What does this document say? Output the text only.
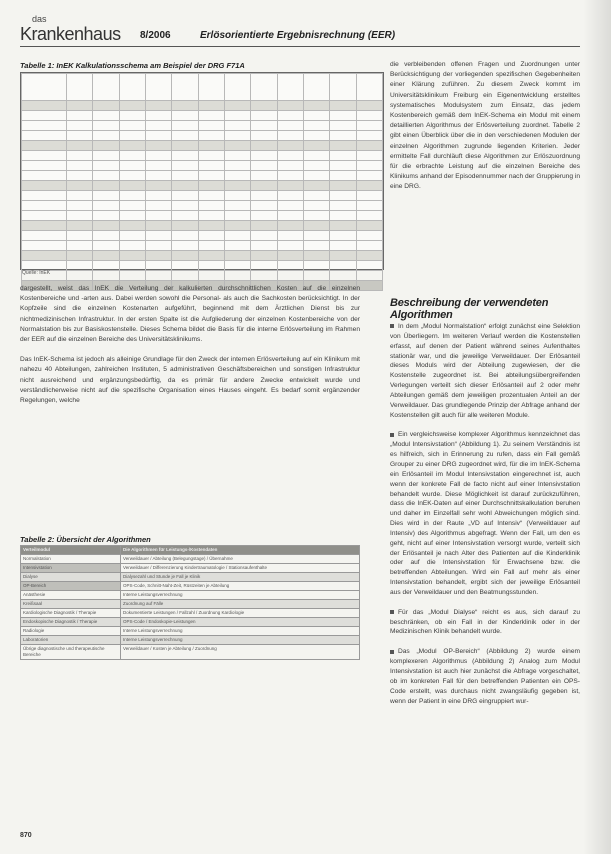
das
Krankenhaus 8/2006	Erlösorientierte Ergebnisrechnung (EER)
Tabelle 1: InEK Kalkulationsschema am Beispiel der DRG F71A

Quelle: InEK

dargestellt, weist das InEK die Verteilung der kalkulierten durchschnittlichen Kosten auf die einzelnen Kostenbereiche und -arten aus. Dabei werden sowohl die Personal- als auch die Sachkosten berücksichtigt. In der Kopfzeile sind die einzelnen Kostenarten aufgeführt, beginnend mit dem Ärztlichen Dienst bis zur nichtmedizinischen Infrastruktur. In der ersten Spalte ist die Aufgliederung der einzelnen Kostenbereiche von der Normalstation bis zur Basiskostenstelle. Dieses Schema bildet die Basis für die interne Erlösverteilung im Rahmen der EER auf die einzelnen Bereiche des Universitätsklinikums.

Das InEK-Schema ist jedoch als alleinige Grundlage für den Zweck der internen Erlösverteilung auf ein Klinikum mit nahezu 40 Abteilungen, zahlreichen Instituten, 5 administrativen Geschäftsbereichen und sonstigen Infrastruktur nicht ausreichend und ergänzungsbedürftig, da es primär für andere Zwecke entwickelt wurde und verständlicherweise nicht auf die spezifische Organisation eines Hauses eingeht. Es bedarf somit ergänzender Regelungen, welche

Tabelle 2: Übersicht der Algorithmen
Verteilmodul	Die Algorithmen für Leistungs-/Kostendaten
Normalstation	Verweildauer / Abteilung (Belegungstage) / Übernahme
Intensivstation	Verweildauer / Differenzierung Kindertraumatologie / Stationsaufenthalte
Dialyse	Dialysezahl und Stunde je Fall je Klinik
OP-Bereich	OPS-Code, Schnitt-Naht-Zeit, Rüstzeiten je Abteilung
Anästhesie	Interne Leistungsverrechnung
Kreißsaal	Zuordnung auf Fälle
Kardiologische Diagnostik / Therapie	Dokumentierte Leistungen / Fallzahl / Zuordnung Kardiologie
Endoskopische Diagnostik / Therapie	OPS-Code / Endoskopie-Leistungen
Radiologie	Interne Leistungsverrechnung
Laboratorien	Interne Leistungsverrechnung
Übrige diagnostische und therapeutische Bereiche	Verweildauer / Kosten je Abteilung / Zuordnung

die verbleibenden offenen Fragen und Zuordnungen unter Berücksichtigung der vorliegenden spezifischen Gegebenheiten einer Klärung zuführen. Zu diesem Zweck kommt im Universitätsklinikum Freiburg ein Eigenentwicklung erstelltes systematisches Modulsystem zum Einsatz, das jedem Kostenbereich gemäß dem InEK-Schema ein Modul mit einem detaillierten Algorithmus der Erlösverteilung zuordnet. Tabelle 2 gibt einen Überblick über die in den verschiedenen Modulen der einzelnen Algorithmen zugrunde liegenden Kriterien. Jeder ermittelte Fall durchläuft diese Algorithmen zur Erlöszuordnung für die erbrachte Leistung auf die einzelnen Bereiche des Klinikums anhand der Episodennummer nach der Gruppierung in eine DRG.

Beschreibung der verwendeten Algorithmen

In dem „Modul Normalstation“ erfolgt zunächst eine Selektion von Überliegern. Im weiteren Verlauf werden die Kostenstellen erfasst, auf denen der Patient während seines Aufenthaltes stationär war, und die jeweilige Verweildauer. Der Erlösanteil dieses Moduls wird der Abteilung zugewiesen, der die Kostenstelle zugeordnet ist. Bei abteilungsübergreifenden Verlegungen verteilt sich dieser Erlösanteil auf 2 oder mehr Abteilungen gemäß dem jeweiligen prozentualen Anteil an der Verweildauer. Das grundlegende Prinzip der Abfrage anhand der Kostenstellen gilt auch für alle weiteren Module.

Ein vergleichsweise komplexer Algorithmus kennzeichnet das „Modul Intensivstation“ (Abbildung 1). Zu seinem Verständnis ist es hilfreich, sich in Erinnerung zu rufen, dass ein Fall gemäß Grouper zu einer DRG zugeordnet wird, für die im InEK-Schema ein Erlösanteil im Modul Intensivstation eingerechnet ist, auch wenn der konkrete Fall de facto nicht auf einer Intensivstation behandelt wurde. Diese Möglichkeit ist darauf zurückzuführen, dass die InEK-Daten auf einer Durchschnittskalkulation beruhen und daher im Einzelfall sehr wohl Abweichungen möglich sind. Dies wird in der Raute „VD auf Intensiv“ (Verweildauer auf Intensiv) des Algorithmus abgefragt. Wenn der Fall, um den es geht, nicht auf einer Intensivstation versorgt wurde, verteilt sich der Erlösanteil je nach Alter des Patienten auf die Kinderklinik oder auf die Intensivstation für Erwachsene bzw. die betreffenden Abteilungen. Wird ein Fall auf mehr als einer Intensivstation behandelt, ergibt sich der jeweilige Erlösanteil aus der Verweildauer und den Beatmungsstunden.

Für das „Modul Dialyse“ reicht es aus, sich darauf zu beschränken, ob ein Fall in der Kinderklinik oder in der Medizinischen Klinik behandelt wurde.

Das „Modul OP-Bereich“ (Abbildung 2) wurde einem komplexeren Algorithmus (Abbildung 2) Analog zum Modul Intensivstation ist auch hier zunächst die Abfrage vorgeschaltet, ob im konkreten Fall für den betreffenden Patienten ein OPS-Code erstellt, was durchaus nicht zwangsläufig gegeben ist, wenn der Patient in eine DRG eingruppiert wur-

870
